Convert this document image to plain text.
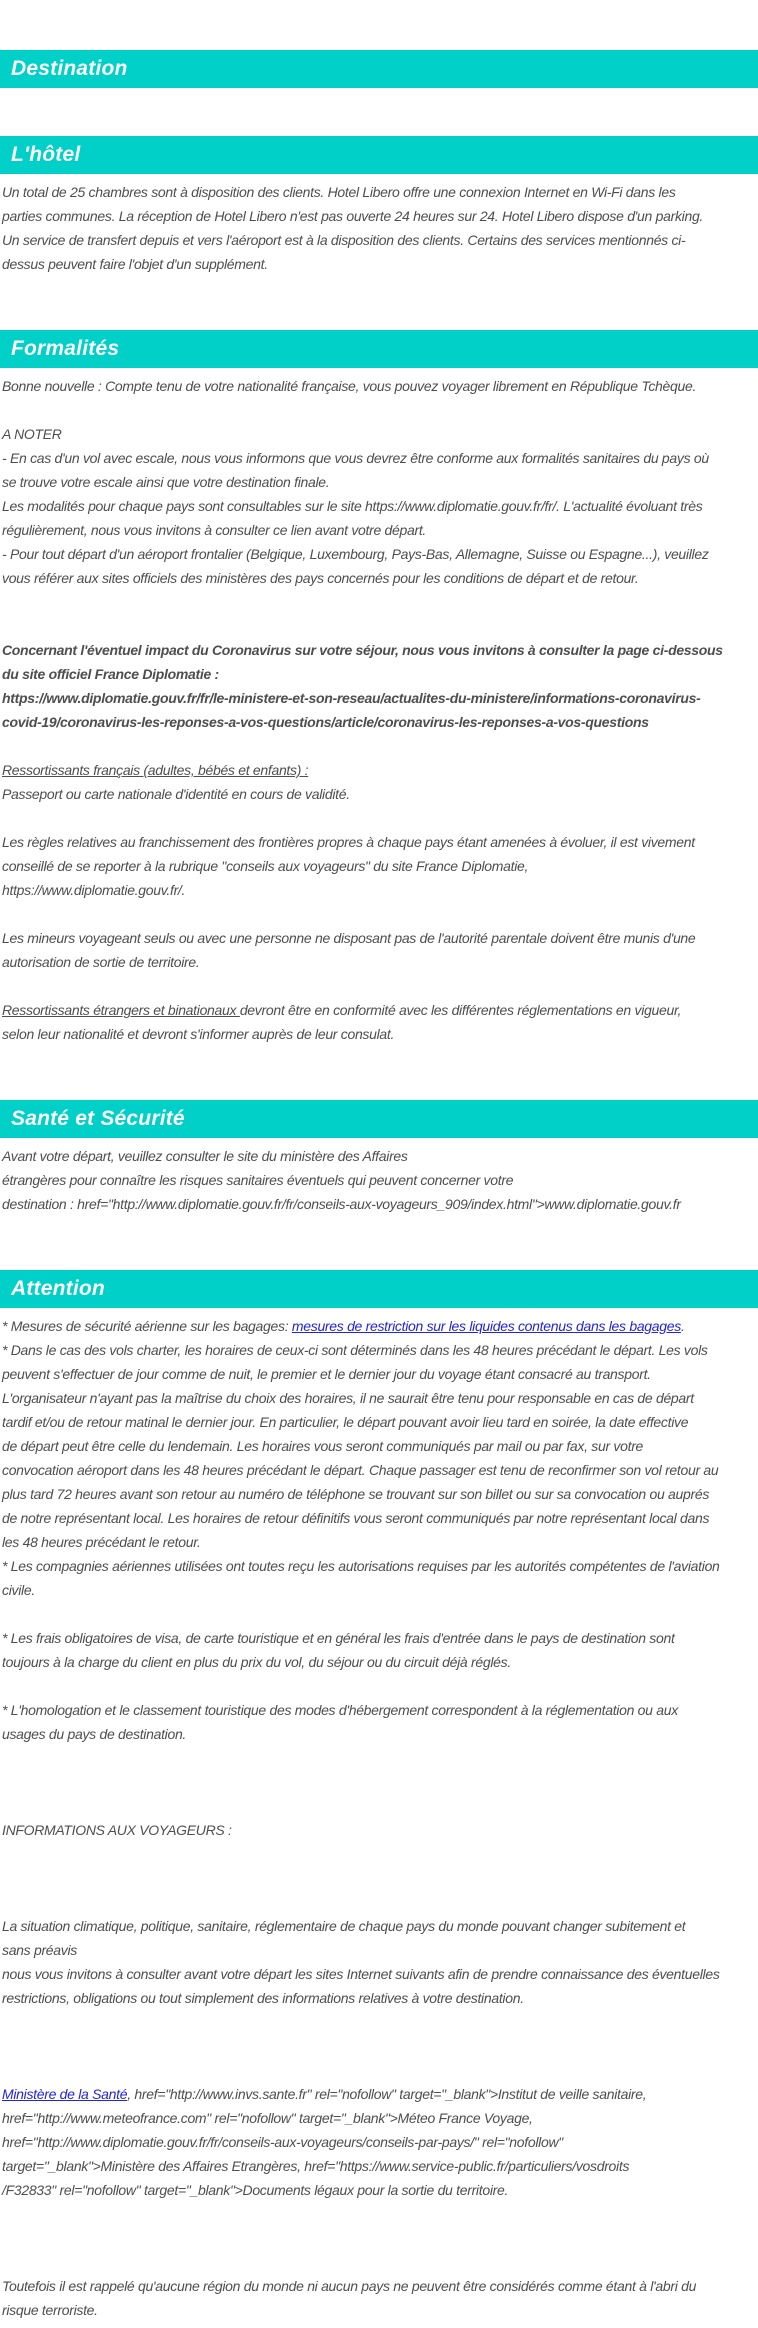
Destination
L'hôtel
Un total de 25 chambres sont à disposition des clients. Hotel Libero offre une connexion Internet en Wi-Fi dans les
parties communes. La réception de Hotel Libero n'est pas ouverte 24 heures sur 24. Hotel Libero dispose d'un parking.
Un service de transfert depuis et vers l'aéroport est à la disposition des clients. Certains des services mentionnés ci-
dessus peuvent faire l'objet d'un supplément.
Formalités
Bonne nouvelle : Compte tenu de votre nationalité française, vous pouvez voyager librement en République Tchèque.

A NOTER
- En cas d'un vol avec escale, nous vous informons que vous devrez être conforme aux formalités sanitaires du pays où
se trouve votre escale ainsi que votre destination finale.
Les modalités pour chaque pays sont consultables sur le site https://www.diplomatie.gouv.fr/fr/. L'actualité évoluant très
régulièrement, nous vous invitons à consulter ce lien avant votre départ.
- Pour tout départ d'un aéroport frontalier (Belgique, Luxembourg, Pays-Bas, Allemagne, Suisse ou Espagne...), veuillez
vous référer aux sites officiels des ministères des pays concernés pour les conditions de départ et de retour.

Concernant l'éventuel impact du Coronavirus sur votre séjour, nous vous invitons à consulter la page ci-dessous
du site officiel France Diplomatie :
https://www.diplomatie.gouv.fr/fr/le-ministere-et-son-reseau/actualites-du-ministere/informations-coronavirus-
covid-19/coronavirus-les-reponses-a-vos-questions/article/coronavirus-les-reponses-a-vos-questions

Ressortissants français (adultes, bébés et enfants) :
Passeport ou carte nationale d'identité en cours de validité.

Les règles relatives au franchissement des frontières propres à chaque pays étant amenées à évoluer, il est vivement
conseillé de se reporter à la rubrique "conseils aux voyageurs" du site France Diplomatie,
https://www.diplomatie.gouv.fr/.

Les mineurs voyageant seuls ou avec une personne ne disposant pas de l'autorité parentale doivent être munis d'une
autorisation de sortie de territoire.

Ressortissants étrangers et binationaux devront être en conformité avec les différentes réglementations en vigueur,
selon leur nationalité et devront s'informer auprès de leur consulat.
Santé et Sécurité
Avant votre départ, veuillez consulter le site du ministère des Affaires
étrangères pour connaître les risques sanitaires éventuels qui peuvent concerner votre
destination : href="http://www.diplomatie.gouv.fr/fr/conseils-aux-voyageurs_909/index.html">www.diplomatie.gouv.fr
Attention
* Mesures de sécurité aérienne sur les bagages: mesures de restriction sur les liquides contenus dans les bagages.
* Dans le cas des vols charter, les horaires de ceux-ci sont déterminés dans les 48 heures précédant le départ. Les vols
peuvent s'effectuer de jour comme de nuit, le premier et le dernier jour du voyage étant consacré au transport.
L'organisateur n'ayant pas la maîtrise du choix des horaires, il ne saurait être tenu pour responsable en cas de départ
tardif et/ou de retour matinal le dernier jour. En particulier, le départ pouvant avoir lieu tard en soirée, la date effective
de départ peut être celle du lendemain. Les horaires vous seront communiqués par mail ou par fax, sur votre
convocation aéroport dans les 48 heures précédant le départ. Chaque passager est tenu de reconfirmer son vol retour au
plus tard 72 heures avant son retour au numéro de téléphone se trouvant sur son billet ou sur sa convocation ou auprés
de notre représentant local. Les horaires de retour définitifs vous seront communiqués par notre représentant local dans
les 48 heures précédant le retour.
* Les compagnies aériennes utilisées ont toutes reçu les autorisations requises par les autorités compétentes de l'aviation
civile.

* Les frais obligatoires de visa, de carte touristique et en général les frais d'entrée dans le pays de destination sont
toujours à la charge du client en plus du prix du vol, du séjour ou du circuit déjà réglés.

* L'homologation et le classement touristique des modes d'hébergement correspondent à la réglementation ou aux
usages du pays de destination.

INFORMATIONS AUX VOYAGEURS :

La situation climatique, politique, sanitaire, réglementaire de chaque pays du monde pouvant changer subitement et
sans préavis
nous vous invitons à consulter avant votre départ les sites Internet suivants afin de prendre connaissance des éventuelles
restrictions, obligations ou tout simplement des informations relatives à votre destination.

Ministère de la Santé, href="http://www.invs.sante.fr" rel="nofollow" target="_blank">Institut de veille sanitaire,
href="http://www.meteofrance.com" rel="nofollow" target="_blank">Méteo France Voyage,
href="http://www.diplomatie.gouv.fr/fr/conseils-aux-voyageurs/conseils-par-pays/" rel="nofollow"
target="_blank">Ministère des Affaires Etrangères, href="https://www.service-public.fr/particuliers/vosdroits
/F32833" rel="nofollow" target="_blank">Documents légaux pour la sortie du territoire.

Toutefois il est rappelé qu'aucune région du monde ni aucun pays ne peuvent être considérés comme étant à l'abri du
risque terroriste.
